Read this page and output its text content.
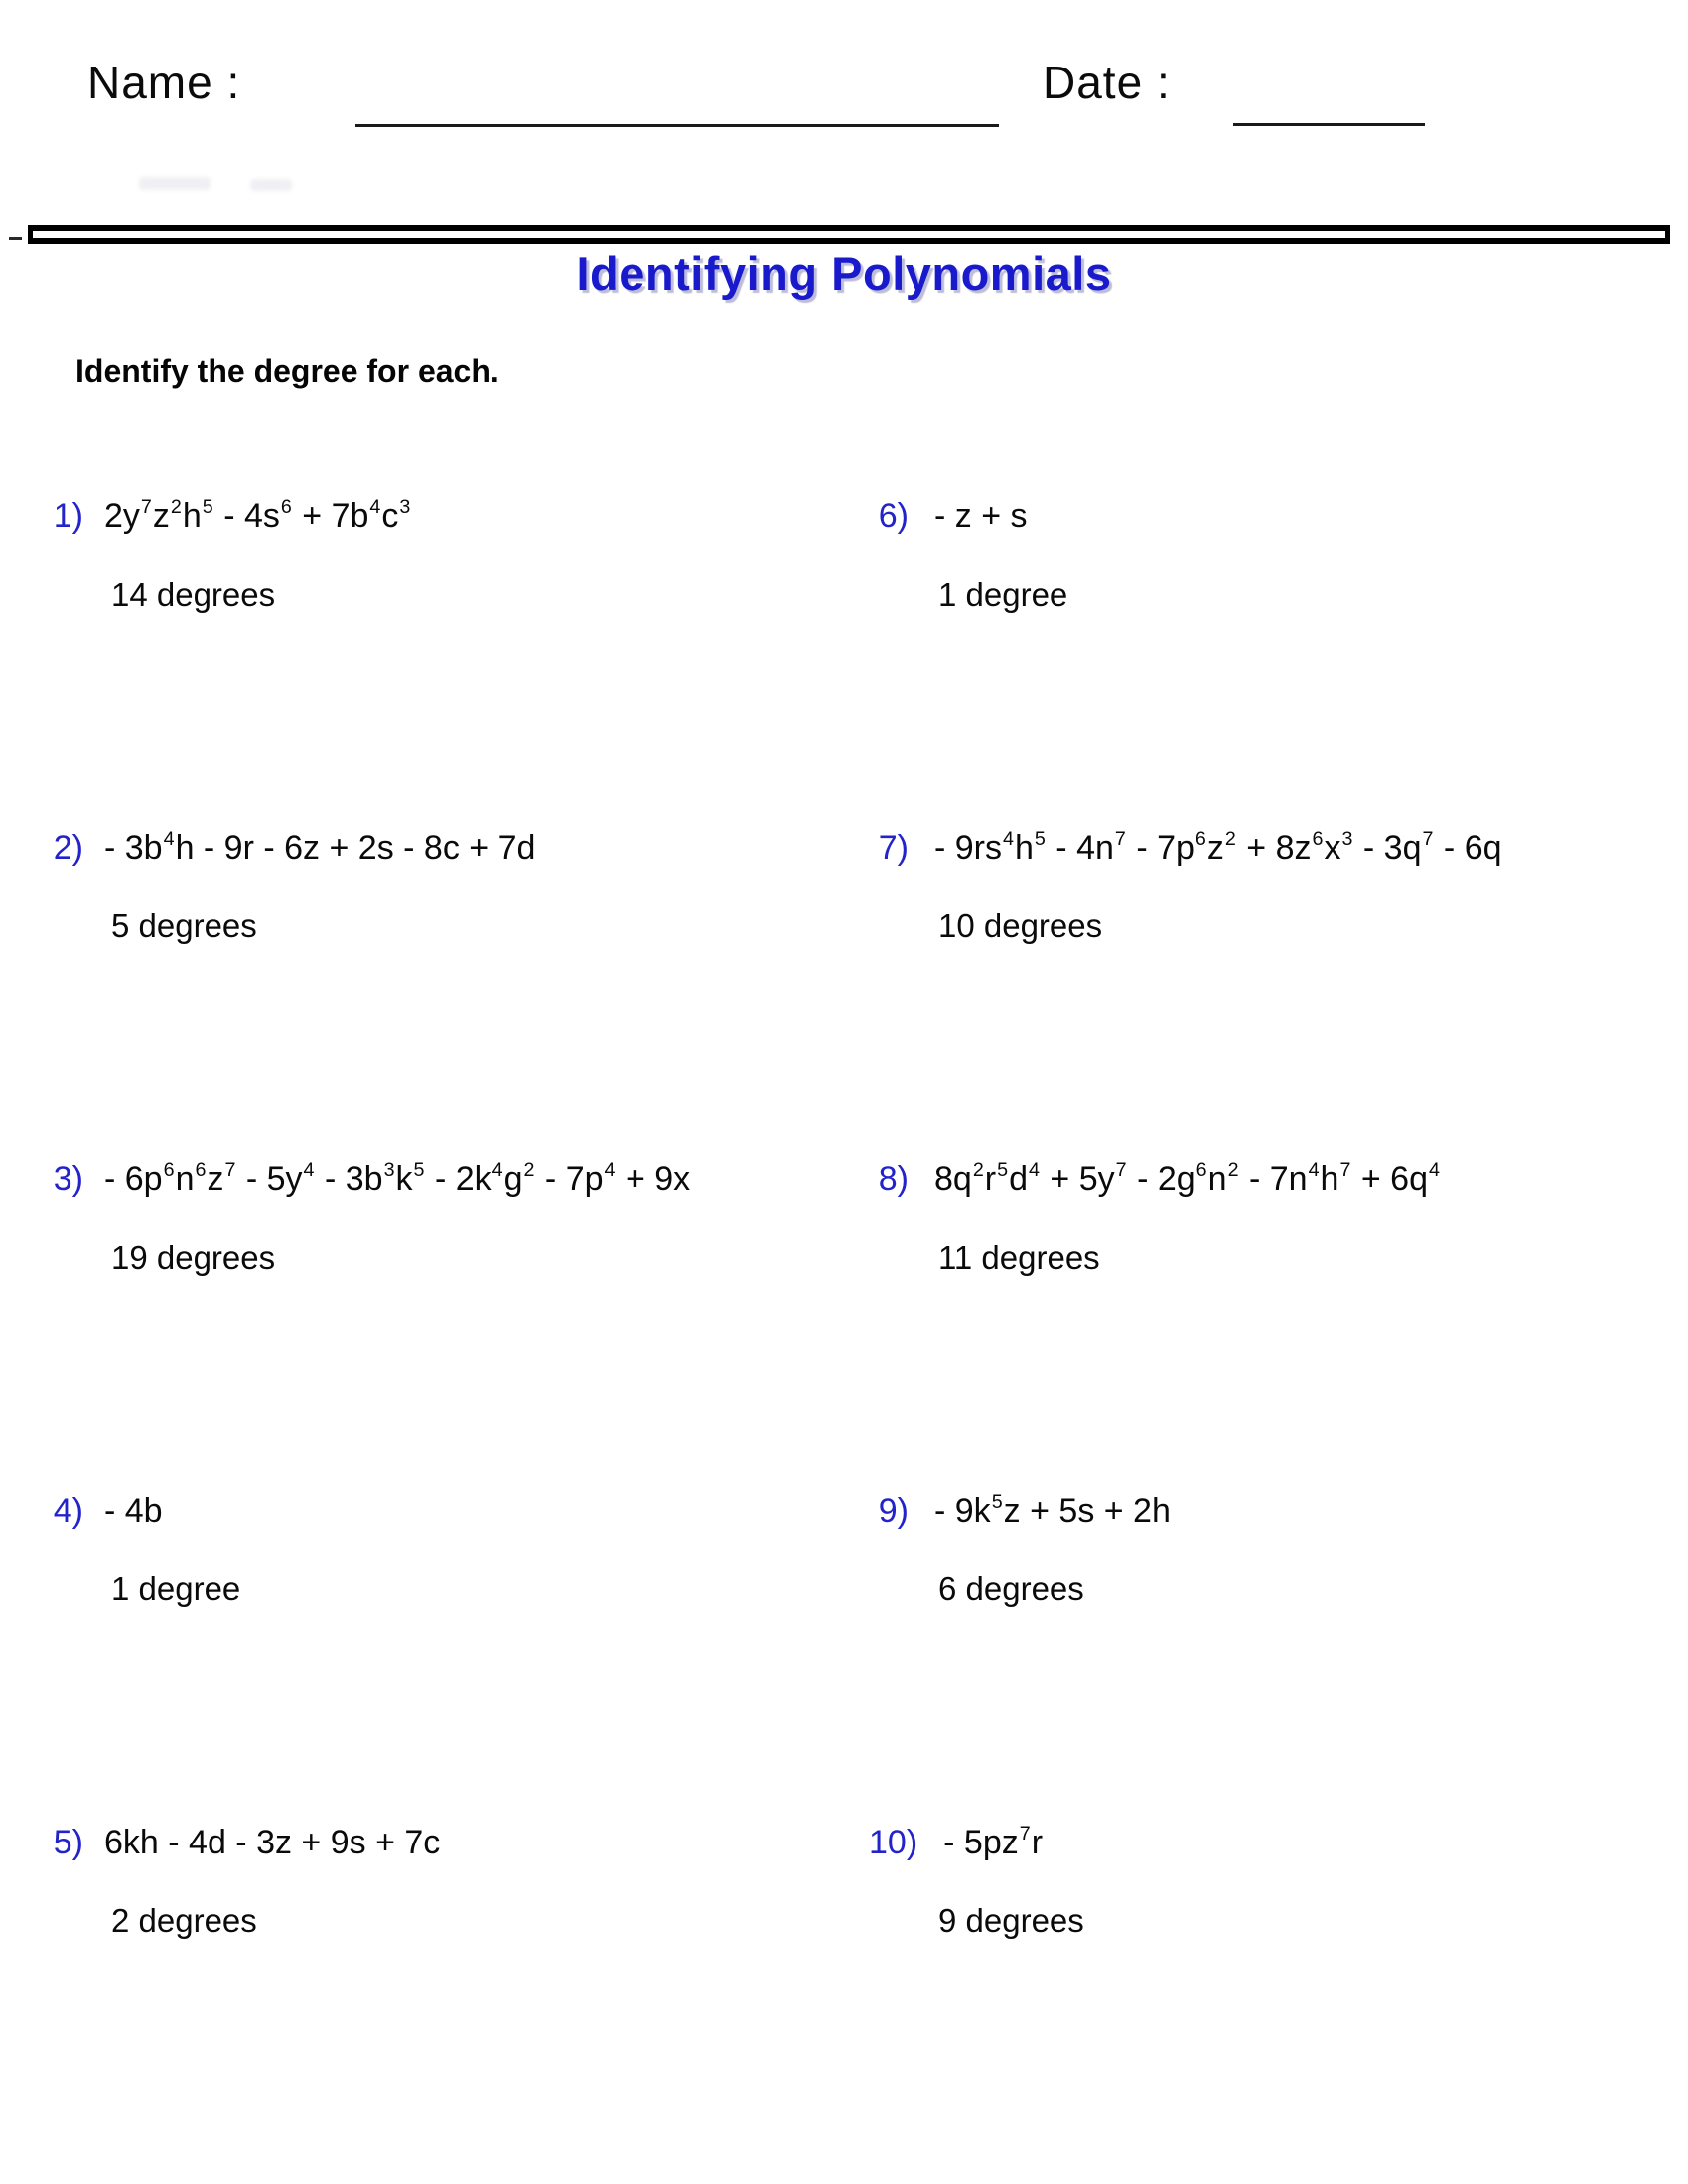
Name :	Date :
Identifying Polynomials
Identify the degree for each.
1) $2y^7z^2h^5 - 4s^6 + 7b^4c^3$
14 degrees
6) - z + s
1 degree
$2) - 3b^4h - 9r - 6z + 2s - 8c + 7d$
5 degrees
$7) - 9rs^4h^5 - 4n^7 - 7p^6z^2 + 8z^6x^3 - 3q^7 - 6q$
10 degrees
$3) - 6p^6n^6z^7 - 5y^4 - 3b^3k^5 - 2k^4g^2 - 7p^4 + 9x$
19 degrees
8) $8q^2r^5d^4 + 5y^7 - 2g^6n^2 - 7n^4h^7 + 6q^4$
11 degrees
4) - 4b
1 degree
$9) - 9k^5z + 5s + 2h$
6 degrees
5) 6kh - 4d - 3z + 9s + 7c
2 degrees
$10) - 5pz^7r$
9 degrees
